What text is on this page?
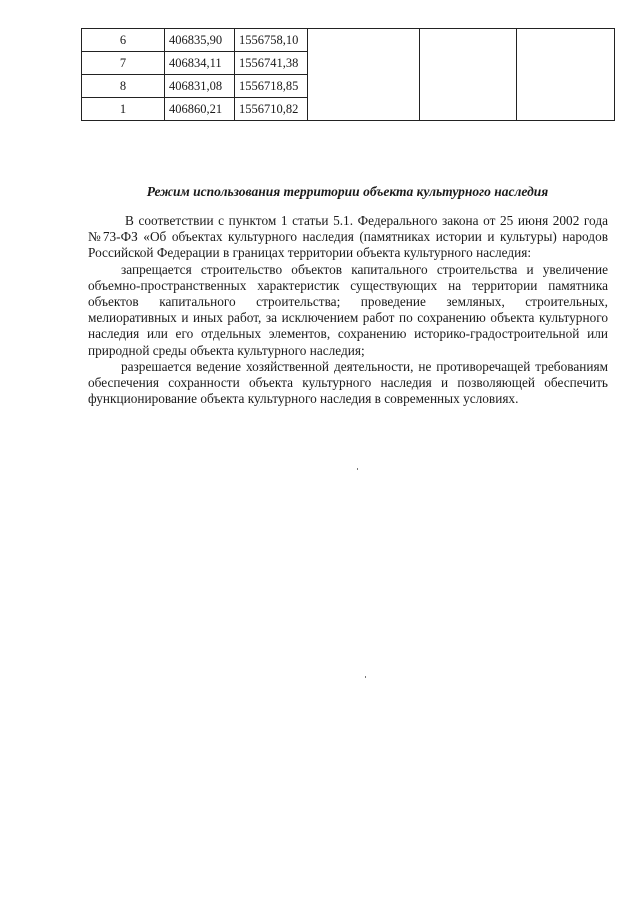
6	406835,90	1556758,10			
7	406834,11	1556741,38			
8	406831,08	1556718,85			
1	406860,21	1556710,82			
Режим использования территории объекта культурного наследия

В соответствии с пунктом 1 статьи 5.1. Федерального закона от 25 июня 2002 года №73-ФЗ «Об объектах культурного наследия (памятниках истории и культуры) народов Российской Федерации в границах территории объекта культурного наследия:

запрещается строительство объектов капитального строительства и увеличение объемно-пространственных характеристик существующих на территории памятника объектов капитального строительства; проведение земляных, строительных, мелиоративных и иных работ, за исключением работ по сохранению объекта культурного наследия или его отдельных элементов, сохранению историко-градостроительной или природной среды объекта культурного наследия;

разрешается ведение хозяйственной деятельности, не противоречащей требованиям обеспечения сохранности объекта культурного наследия и позволяющей обеспечить функционирование объекта культурного наследия в современных условиях.
